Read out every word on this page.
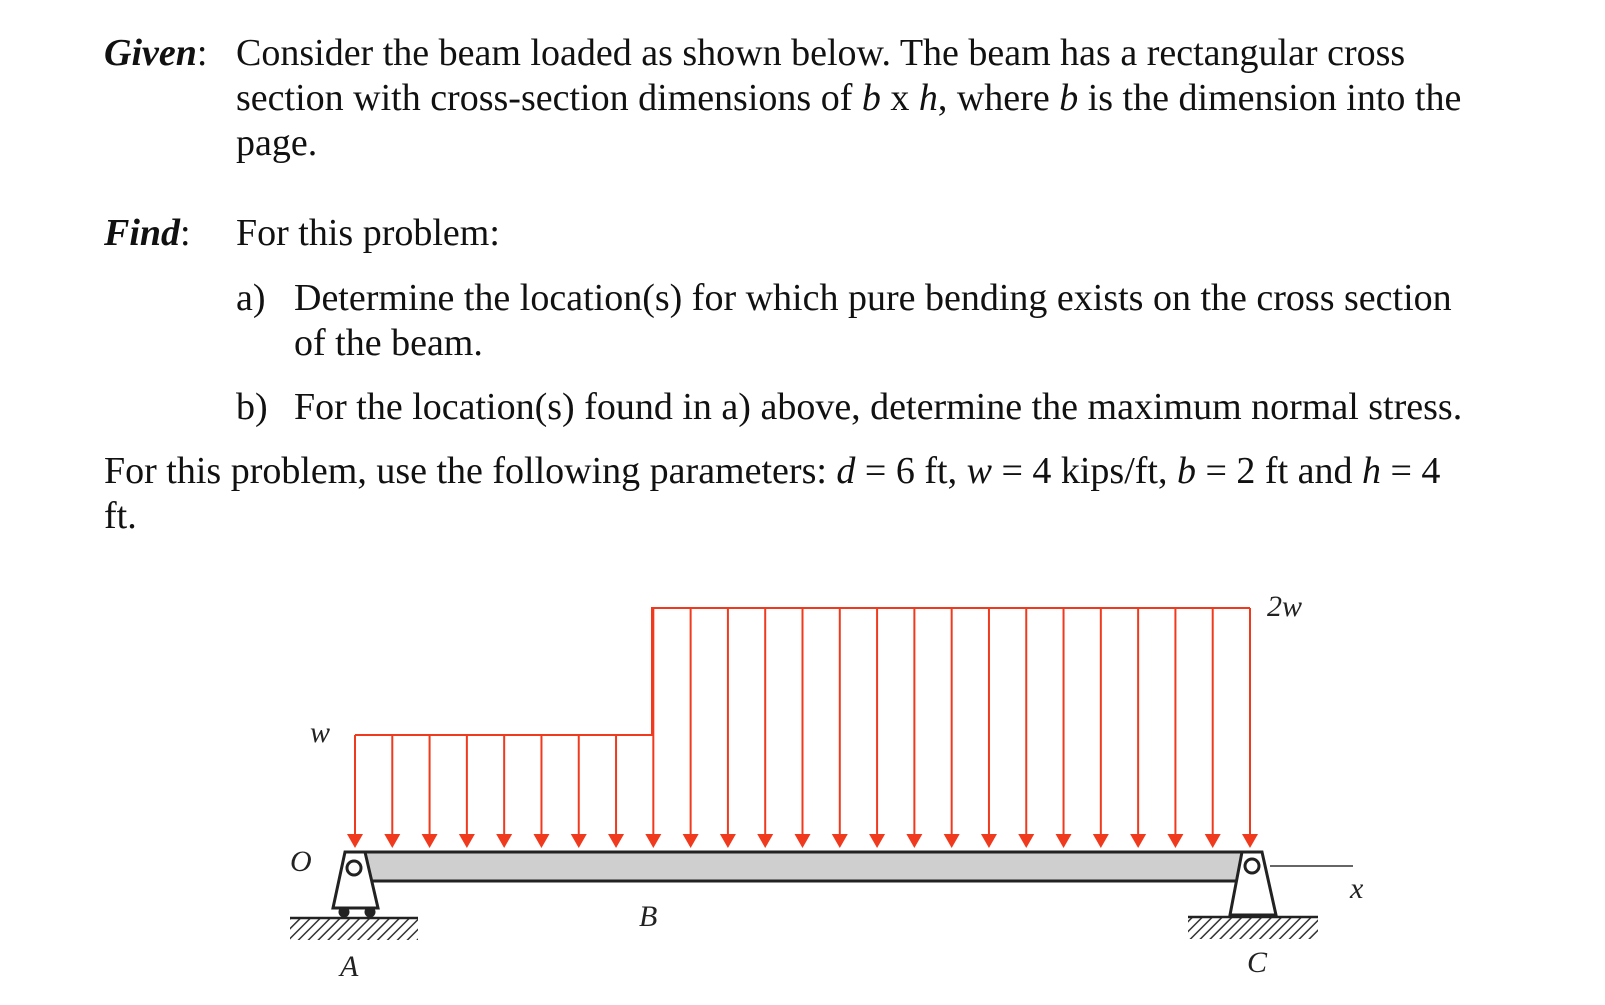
Given: Consider the beam loaded as shown below. The beam has a rectangular cross
section with cross-section dimensions of b x h, where b is the dimension into the
page.
Find: For this problem:
a) Determine the location(s) for which pure bending exists on the cross section
of the beam.
b) For the location(s) found in a) above, determine the maximum normal stress.
For this problem, use the following parameters: d = 6 ft, w = 4 kips/ft, b = 2 ft and h = 4
ft.
w
2w
O
x
A
B
C
